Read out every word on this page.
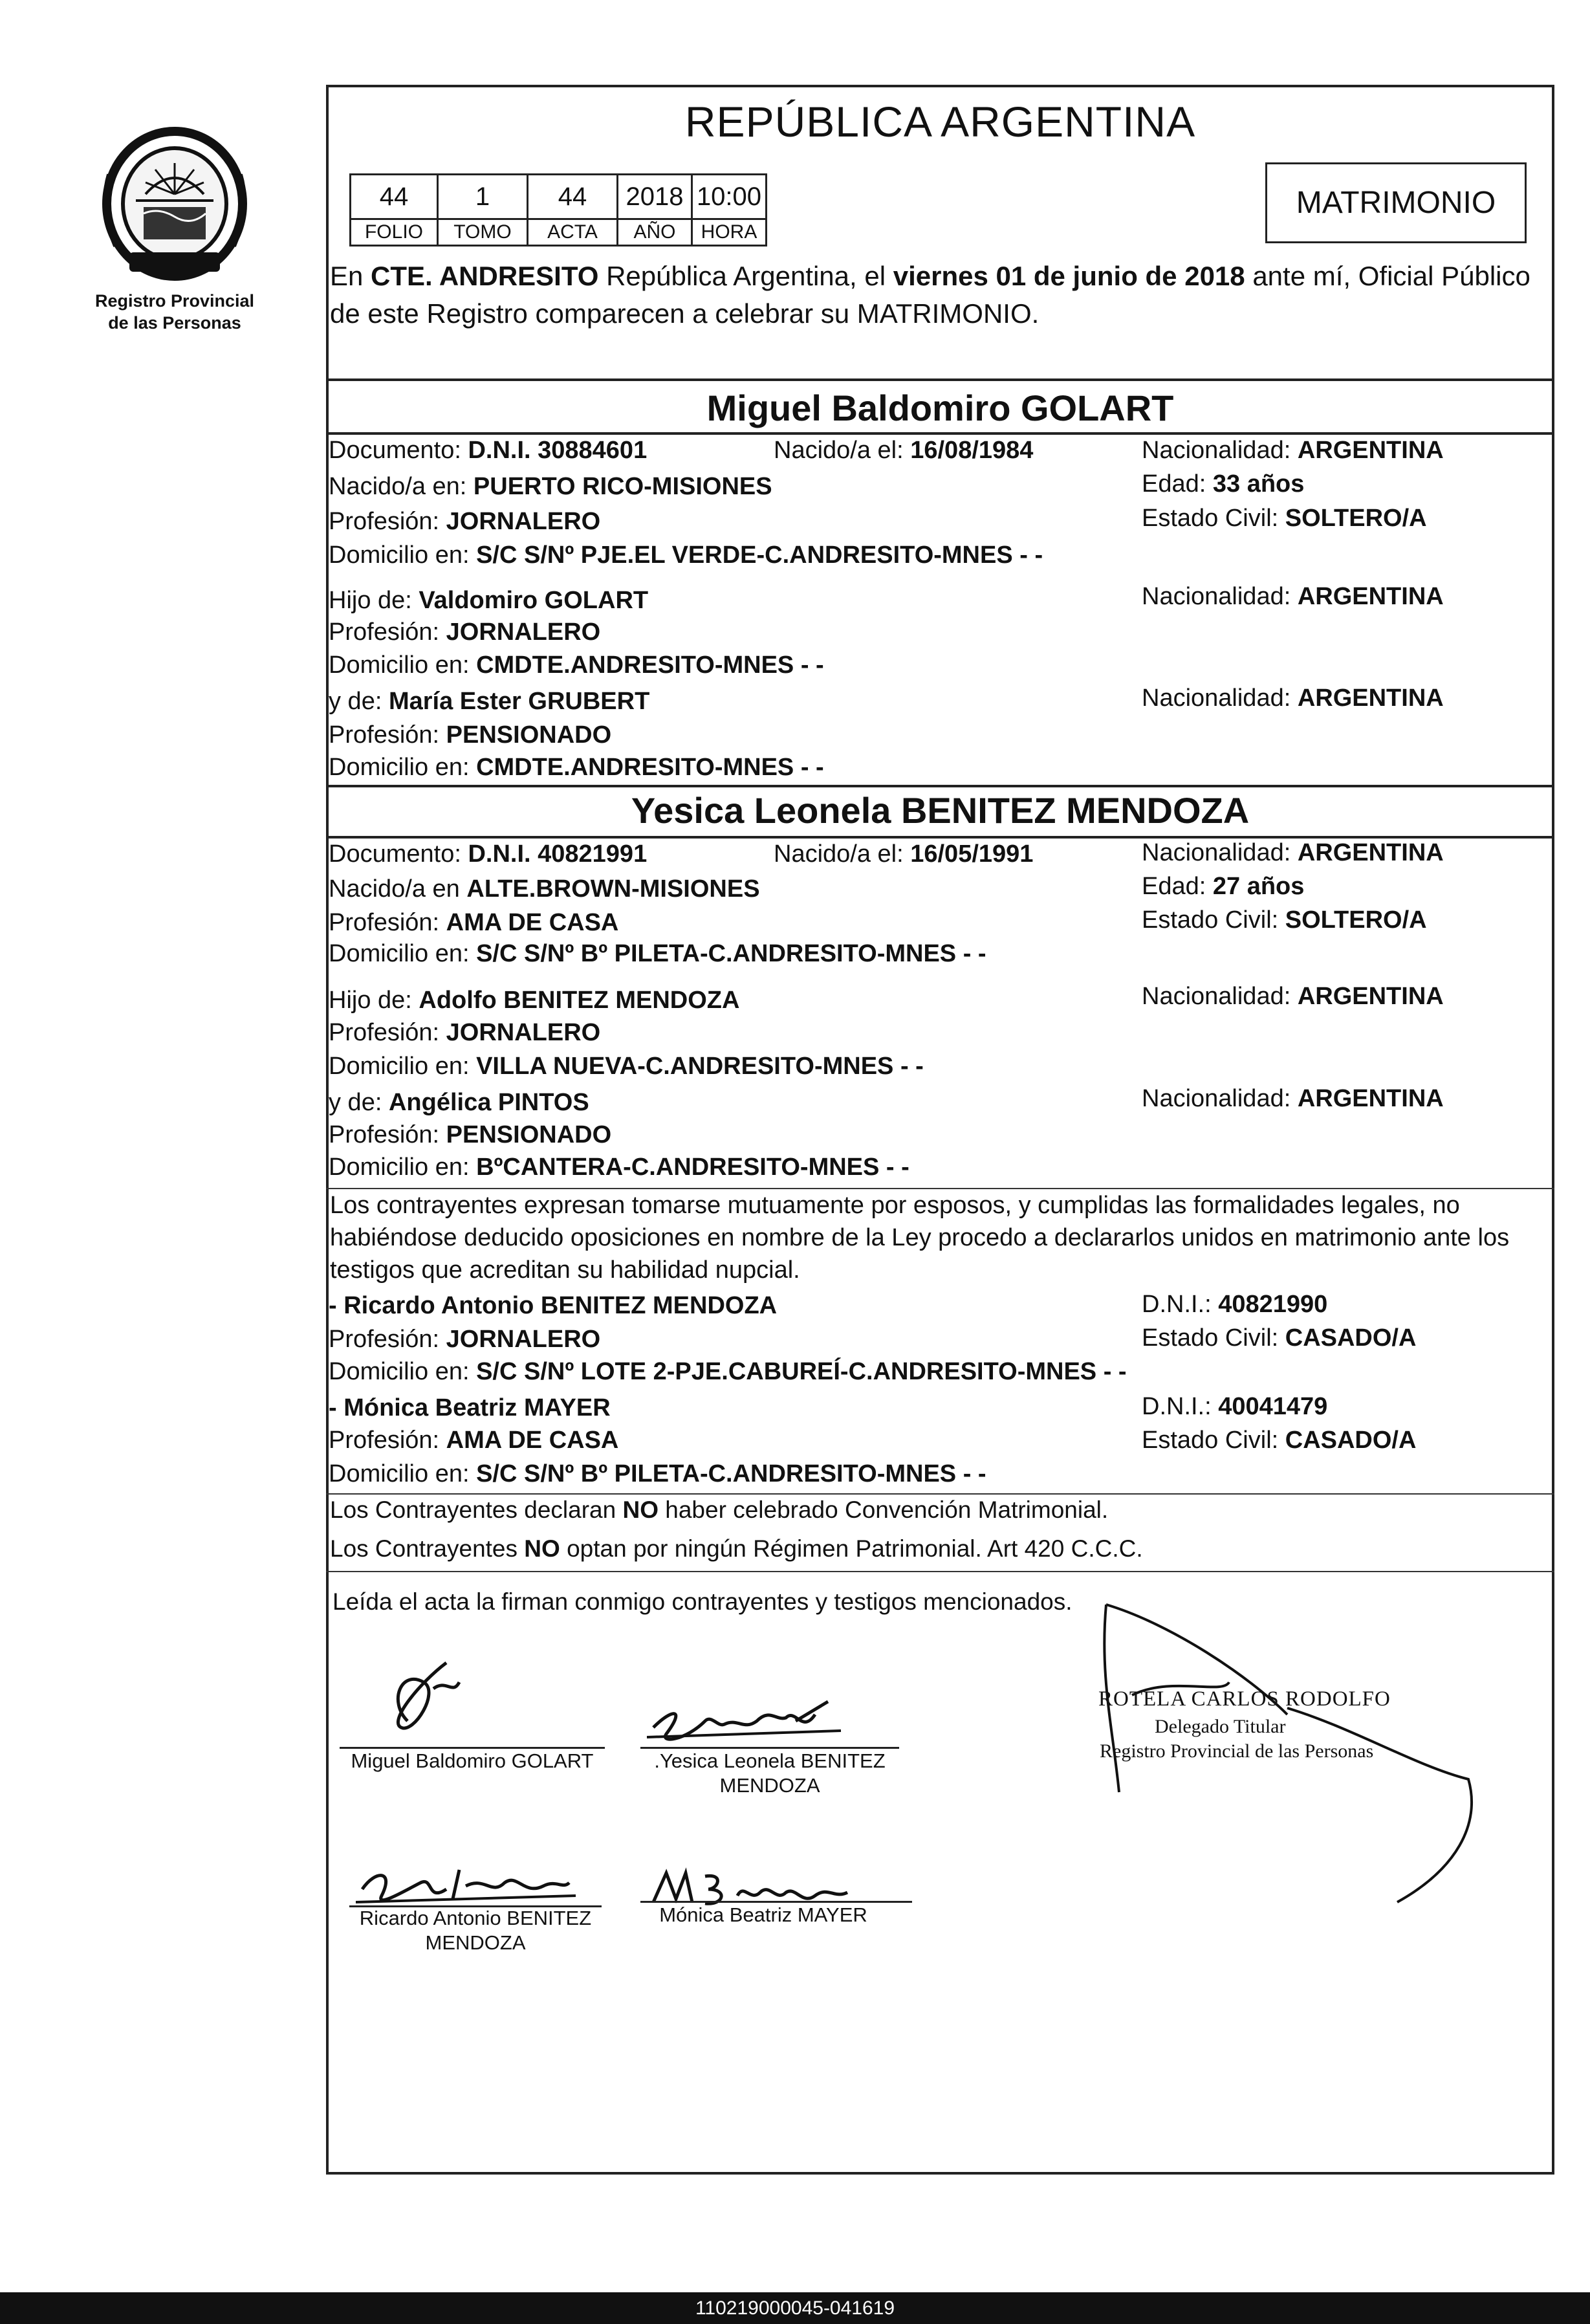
Registro Provincial
de las Personas
REPÚBLICA ARGENTINA
44	1	44	2018	10:00
FOLIO	TOMO	ACTA	AÑO	HORA
MATRIMONIO
En CTE. ANDRESITO República Argentina, el viernes 01 de junio de 2018 ante mí, Oficial Público de este Registro comparecen a celebrar su MATRIMONIO.
Miguel Baldomiro GOLART
Documento: D.N.I. 30884601	Nacido/a el: 16/08/1984	Nacionalidad: ARGENTINA
Nacido/a en: PUERTO RICO-MISIONES	Edad: 33 años
Profesión: JORNALERO	Estado Civil: SOLTERO/A
Domicilio en: S/C S/Nº PJE.EL VERDE-C.ANDRESITO-MNES - -
Hijo de: Valdomiro GOLART	Nacionalidad: ARGENTINA
Profesión: JORNALERO
Domicilio en: CMDTE.ANDRESITO-MNES - -
y de: María Ester GRUBERT	Nacionalidad: ARGENTINA
Profesión: PENSIONADO
Domicilio en: CMDTE.ANDRESITO-MNES - -
Yesica Leonela BENITEZ MENDOZA
Documento: D.N.I. 40821991	Nacido/a el: 16/05/1991	Nacionalidad: ARGENTINA
Nacido/a en ALTE.BROWN-MISIONES	Edad: 27 años
Profesión: AMA DE CASA	Estado Civil: SOLTERO/A
Domicilio en: S/C S/Nº Bº PILETA-C.ANDRESITO-MNES - -
Hijo de: Adolfo BENITEZ MENDOZA	Nacionalidad: ARGENTINA
Profesión: JORNALERO
Domicilio en: VILLA NUEVA-C.ANDRESITO-MNES - -
y de: Angélica PINTOS	Nacionalidad: ARGENTINA
Profesión: PENSIONADO
Domicilio en: BºCANTERA-C.ANDRESITO-MNES - -
Los contrayentes expresan tomarse mutuamente por esposos, y cumplidas las formalidades legales, no habiéndose deducido oposiciones en nombre de la Ley procedo a declararlos unidos en matrimonio ante los testigos que acreditan su habilidad nupcial.
- Ricardo Antonio BENITEZ MENDOZA	D.N.I.: 40821990
Profesión: JORNALERO	Estado Civil: CASADO/A
Domicilio en: S/C S/Nº LOTE 2-PJE.CABUREÍ-C.ANDRESITO-MNES - -
- Mónica Beatriz MAYER	D.N.I.: 40041479
Profesión: AMA DE CASA	Estado Civil: CASADO/A
Domicilio en: S/C S/Nº Bº PILETA-C.ANDRESITO-MNES - -
Los Contrayentes declaran NO haber celebrado Convención Matrimonial.
Los Contrayentes NO optan por ningún Régimen Patrimonial. Art 420 C.C.C.
Leída el acta la firman conmigo contrayentes y testigos mencionados.
Miguel Baldomiro GOLART	.Yesica Leonela BENITEZ
MENDOZA
Ricardo Antonio BENITEZ
MENDOZA
Mónica Beatriz MAYER
ROTELA CARLOS RODOLFO
Delegado Titular
Registro Provincial de las Personas
110219000045-041619
